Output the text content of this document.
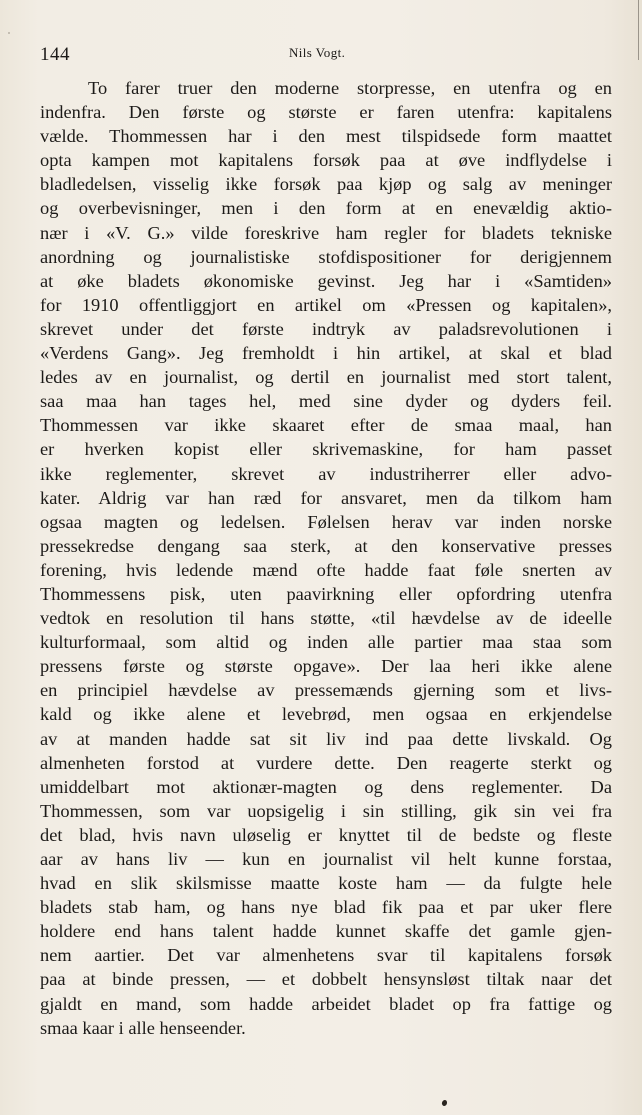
144	Nils Vogt.
To farer truer den moderne storpresse, en utenfra og en
indenfra. Den første og største er faren utenfra: kapitalens
vælde. Thommessen har i den mest tilspidsede form maattet
opta kampen mot kapitalens forsøk paa at øve indflydelse i
bladledelsen, visselig ikke forsøk paa kjøp og salg av meninger
og overbevisninger, men i den form at en enevældig aktio-
nær i «V. G.» vilde foreskrive ham regler for bladets tekniske
anordning og journalistiske stofdispositioner for derigjennem
at øke bladets økonomiske gevinst. Jeg har i «Samtiden»
for 1910 offentliggjort en artikel om «Pressen og kapitalen»,
skrevet under det første indtryk av paladsrevolutionen i
«Verdens Gang». Jeg fremholdt i hin artikel, at skal et blad
ledes av en journalist, og dertil en journalist med stort talent,
saa maa han tages hel, med sine dyder og dyders feil.
Thommessen var ikke skaaret efter de smaa maal, han
er hverken kopist eller skrivemaskine, for ham passet
ikke reglementer, skrevet av industriherrer eller advo-
kater. Aldrig var han ræd for ansvaret, men da tilkom ham
ogsaa magten og ledelsen. Følelsen herav var inden norske
pressekredse dengang saa sterk, at den konservative presses
forening, hvis ledende mænd ofte hadde faat føle snerten av
Thommessens pisk, uten paavirkning eller opfordring utenfra
vedtok en resolution til hans støtte, «til hævdelse av de ideelle
kulturformaal, som altid og inden alle partier maa staa som
pressens første og største opgave». Der laa heri ikke alene
en principiel hævdelse av pressemænds gjerning som et livs-
kald og ikke alene et levebrød, men ogsaa en erkjendelse
av at manden hadde sat sit liv ind paa dette livskald. Og
almenheten forstod at vurdere dette. Den reagerte sterkt og
umiddelbart mot aktionær-magten og dens reglementer. Da
Thommessen, som var uopsigelig i sin stilling, gik sin vei fra
det blad, hvis navn uløselig er knyttet til de bedste og fleste
aar av hans liv — kun en journalist vil helt kunne forstaa,
hvad en slik skilsmisse maatte koste ham — da fulgte hele
bladets stab ham, og hans nye blad fik paa et par uker flere
holdere end hans talent hadde kunnet skaffe det gamle gjen-
nem aartier. Det var almenhetens svar til kapitalens forsøk
paa at binde pressen, — et dobbelt hensynsløst tiltak naar det
gjaldt en mand, som hadde arbeidet bladet op fra fattige og
smaa kaar i alle henseender.
